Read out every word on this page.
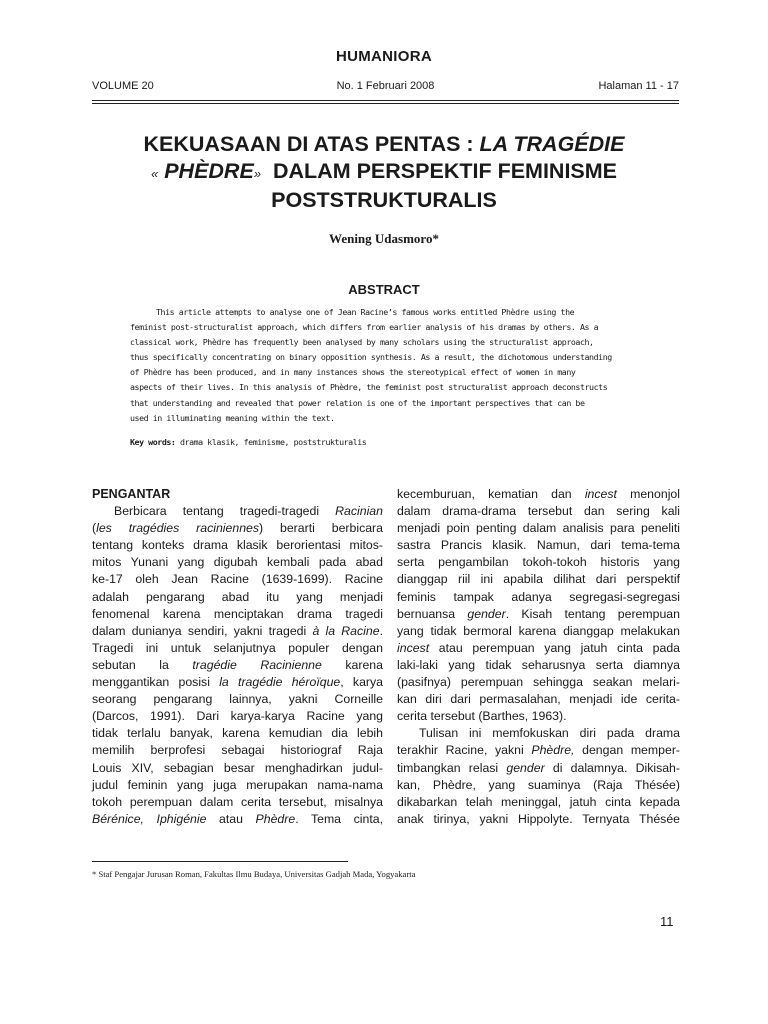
HUMANIORA
No. 1 Februari 2008
VOLUME 20	Halaman 11 - 17
KEKUASAAN DI ATAS PENTAS : LA TRAGÉDIE
« PHÈDRE» DALAM PERSPEKTIF FEMINISME
POSTSTRUKTURALIS
Wening Udasmoro*
ABSTRACT
This article attempts to analyse one of Jean Racine’s famous works entitled Phèdre using the
feminist post-structuralist approach, which differs from earlier analysis of his dramas by others. As a
classical work, Phèdre has frequently been analysed by many scholars using the structuralist approach,
thus specifically concentrating on binary opposition synthesis. As a result, the dichotomous understanding
of Phèdre has been produced, and in many instances shows the stereotypical effect of women in many
aspects of their lives. In this analysis of Phèdre, the feminist post structuralist approach deconstructs
that understanding and revealed that power relation is one of the important perspectives that can be
used in illuminating meaning within the text.
Key words: drama klasik, feminisme, poststrukturalis
PENGANTAR
Berbicara tentang tragedi-tragedi Racinian
(les tragédies raciniennes) berarti berbicara
tentang konteks drama klasik berorientasi mitos-
mitos Yunani yang digubah kembali pada abad
ke-17 oleh Jean Racine (1639-1699). Racine
adalah pengarang abad itu yang menjadi
fenomenal karena menciptakan drama tragedi
dalam dunianya sendiri, yakni tragedi à la Racine.
Tragedi ini untuk selanjutnya populer dengan
sebutan la tragédie Racinienne karena
menggantikan posisi la tragédie héroïque, karya
seorang pengarang lainnya, yakni Corneille
(Darcos, 1991). Dari karya-karya Racine yang
tidak terlalu banyak, karena kemudian dia lebih
memilih berprofesi sebagai historiograf Raja
Louis XIV, sebagian besar menghadirkan judul-
judul feminin yang juga merupakan nama-nama
tokoh perempuan dalam cerita tersebut, misalnya
Bérénice, Iphigénie atau Phèdre. Tema cinta,
kecemburuan, kematian dan incest menonjol
dalam drama-drama tersebut dan sering kali
menjadi poin penting dalam analisis para peneliti
sastra Prancis klasik. Namun, dari tema-tema
serta pengambilan tokoh-tokoh historis yang
dianggap riil ini apabila dilihat dari perspektif
feminis tampak adanya segregasi-segregasi
bernuansa gender. Kisah tentang perempuan
yang tidak bermoral karena dianggap melakukan
incest atau perempuan yang jatuh cinta pada
laki-laki yang tidak seharusnya serta diamnya
(pasifnya) perempuan sehingga seakan melari-
kan diri dari permasalahan, menjadi ide cerita-
cerita tersebut (Barthes, 1963).
Tulisan ini memfokuskan diri pada drama
terakhir Racine, yakni Phèdre, dengan memper-
timbangkan relasi gender di dalamnya. Dikisah-
kan, Phèdre, yang suaminya (Raja Thésée)
dikabarkan telah meninggal, jatuh cinta kepada
anak tirinya, yakni Hippolyte. Ternyata Thésée
* Staf Pengajar Jurusan Roman, Fakultas Ilmu Budaya, Universitas Gadjah Mada, Yogyakarta
11
